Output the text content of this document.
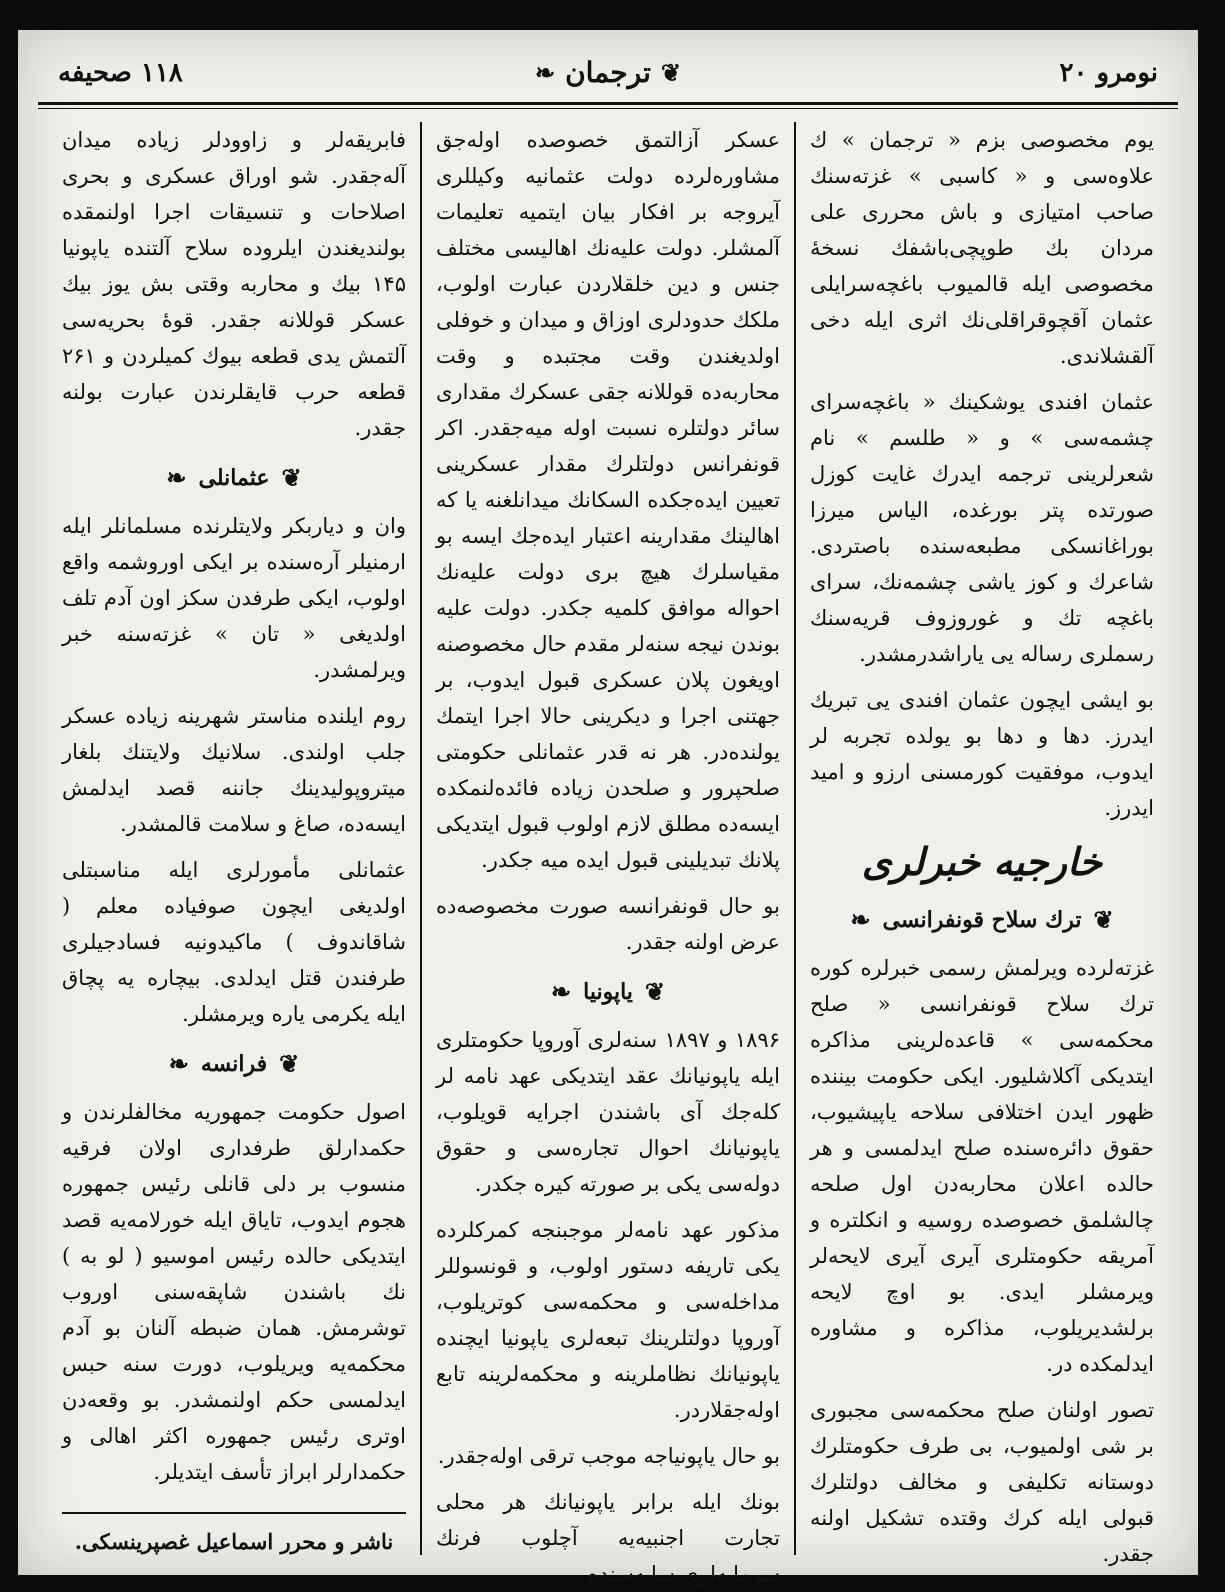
نومرو ۲۰
❦
ترجمان
❧
۱۱۸ صحیفه

یوم مخصوصی بزم « ترجمان » ك علاوه‌سی و « کاسبی » غزته‌سنك صاحب امتیازی و باش محرری علی مردان بك طوپچی‌باشفك نسخهٔ مخصوصی ایله قالمیوب باغچه‌سرایلی عثمان آقچوقراقلی‌نك اثری ایله دخی آلقشلاندی.

عثمان افندی یوشکینك « باغچه‌سرای چشمه‌سی » و « طلسم » نام شعرلرینی ترجمه ایدرك غایت کوزل صورتده پتر بورغده، الیاس میرزا بوراغانسکی مطبعه‌سنده باصتردی. شاعرك و کوز یاشی چشمه‌نك، سرای باغچه تك و غوروزوف قریه‌سنك رسملری رساله یی یاراشدرمشدر.

بو ایشی ایچون عثمان افندی یی تبریك ایدرز. دها و دها بو یولده تجربه لر ایدوب، موفقیت کورمسنی ارزو و امید ایدرز.

خارجیه خبرلری
❦
ترك سلاح قونفرانسی
❧

غزته‌لرده ویرلمش رسمی خبرلره کوره ترك سلاح قونفرانسی « صلح محکمه‌سی » قاعده‌لرینی مذاکره ایتدیکی آکلاشلیور. ایکی حکومت بیننده ظهور ایدن اختلافی سلاحه یاپیشیوب، حقوق دائره‌سنده صلح ایدلمسی و هر حالده اعلان محاربه‌دن اول صلحه چالشلمق خصوصده روسیه و انکلتره و آمریقه حکومتلری آیری آیری لایحه‌لر ویرمشلر ایدی. بو اوچ لایحه برلشدیریلوب، مذاکره و مشاوره ایدلمکده در.

تصور اولنان صلح محکمه‌سی مجبوری بر شی اولمیوب، بی طرف حکومتلرك دوستانه تکلیفی و مخالف دولتلرك قبولی ایله کرك وقتده تشکیل اولنه جقدر.

عسکر آزالتمق خصوصده اوله‌جق مشاوره‌لرده دولت عثمانیه وکیللری آیروجه بر افکار بیان ایتمیه تعلیمات آلمشلر. دولت علیه‌نك اهالیسی مختلف جنس و دین خلقلاردن عبارت اولوب، ملکك حدودلری اوزاق و میدان و خوفلی اولدیغندن وقت مجتبده و وقت محاربه‌ده قوللانه جقی عسکرك مقداری سائر دولتلره نسبت اوله میه‌جقدر. اکر قونفرانس دولتلرك مقدار عسکرینی تعیین ایده‌جکده السکانك میدانلغنه یا که اهالینك مقدارینه اعتبار ایده‌جك ایسه بو مقیاسلرك هیچ بری دولت علیه‌نك احواله موافق کلمیه جکدر. دولت علیه بوندن نیجه سنه‌لر مقدم حال مخصوصنه اویغون پلان عسکری قبول ایدوب، بر جهتنی اجرا و دیکرینی حالا اجرا ایتمك یولنده‌در. هر نه قدر عثمانلی حکومتی صلحپرور و صلحدن زیاده فائده‌لنمکده ایسه‌ده مطلق لازم اولوب قبول ایتدیکی پلانك تبدیلینی قبول ایده میه جکدر.

بو حال قونفرانسه صورت مخصوصه‌ده عرض اولنه جقدر.

❦
یاپونیا
❧

۱۸۹۶ و ۱۸۹۷ سنه‌لری آوروپا حکومتلری ایله یاپونیانك عقد ایتدیکی عهد نامه لر کله‌جك آی باشندن اجرایه قویلوب، یاپونیانك احوال تجاره‌سی و حقوق دوله‌سی یکی بر صورته کیره جکدر.

مذکور عهد نامه‌لر موجبنجه کمرکلرده یکی تاریفه دستور اولوب، و قونسوللر مداخله‌سی و محکمه‌سی کوتریلوب، آوروپا دولتلرینك تبعه‌لری یاپونیا ایچنده یاپونیانك نظاملرینه و محکمه‌لرینه تابع اوله‌جقلاردر.

بو حال یاپونیاجه موجب ترقی اوله‌جقدر.

بونك ایله برابر یاپونیانك هر محلی تجارت اجنبیه‌یه آچلوب فرنك سرمایه‌لری سایه‌سنده

فابریقه‌لر و زاوودلر زیاده میدان آله‌جقدر. شو اوراق عسکری و بحری اصلاحات و تنسیقات اجرا اولنمقده بولندیغندن ایلروده سلاح آلتنده یاپونیا ۱۴۵ بیك و محاربه وقتی بش یوز بیك عسکر قوللانه جقدر. قوهٔ بحریه‌سی آلتمش یدی قطعه بیوك کمیلردن و ۲۶۱ قطعه حرب قایقلرندن عبارت بولنه جقدر.

❦
عثمانلی
❧

وان و دیاربکر ولایتلرنده مسلمانلر ایله ارمنیلر آره‌سنده بر ایکی اوروشمه واقع اولوب، ایکی طرفدن سکز اون آدم تلف اولدیغی « تان » غزته‌سنه خبر ویرلمشدر.

روم ایلنده مناستر شهرینه زیاده عسکر جلب اولندی. سلانیك ولایتنك بلغار میتروپولیدینك جاننه قصد ایدلمش ایسه‌ده، صاغ و سلامت قالمشدر.

عثمانلی مأمورلری ایله مناسبتلی اولدیغی ایچون صوفیاده معلم ( شاقاندوف ) ماکیدونیه فسادجیلری طرفندن قتل ایدلدی. بیچاره یه پچاق ایله یکرمی یاره ویرمشلر.

❦
فرانسه
❧

اصول حکومت جمهوریه مخالفلرندن و حکمدارلق طرفداری اولان فرقیه منسوب بر دلی قانلی رئیس جمهوره هجوم ایدوب، تایاق ایله خورلامه‌یه قصد ایتدیکی حالده رئیس اموسیو ( لو به ) نك باشندن شاپقه‌سنی اوروب توشرمش. همان ضبطه آلنان بو آدم محکمه‌یه ویریلوب، دورت سنه حبس ایدلمسی حکم اولنمشدر. بو وقعه‌دن اوتری رئیس جمهوره اکثر اهالی و حکمدارلر ابراز تأسف ایتدیلر.

ناشر و محرر اسماعیل غصپرینسکی.
